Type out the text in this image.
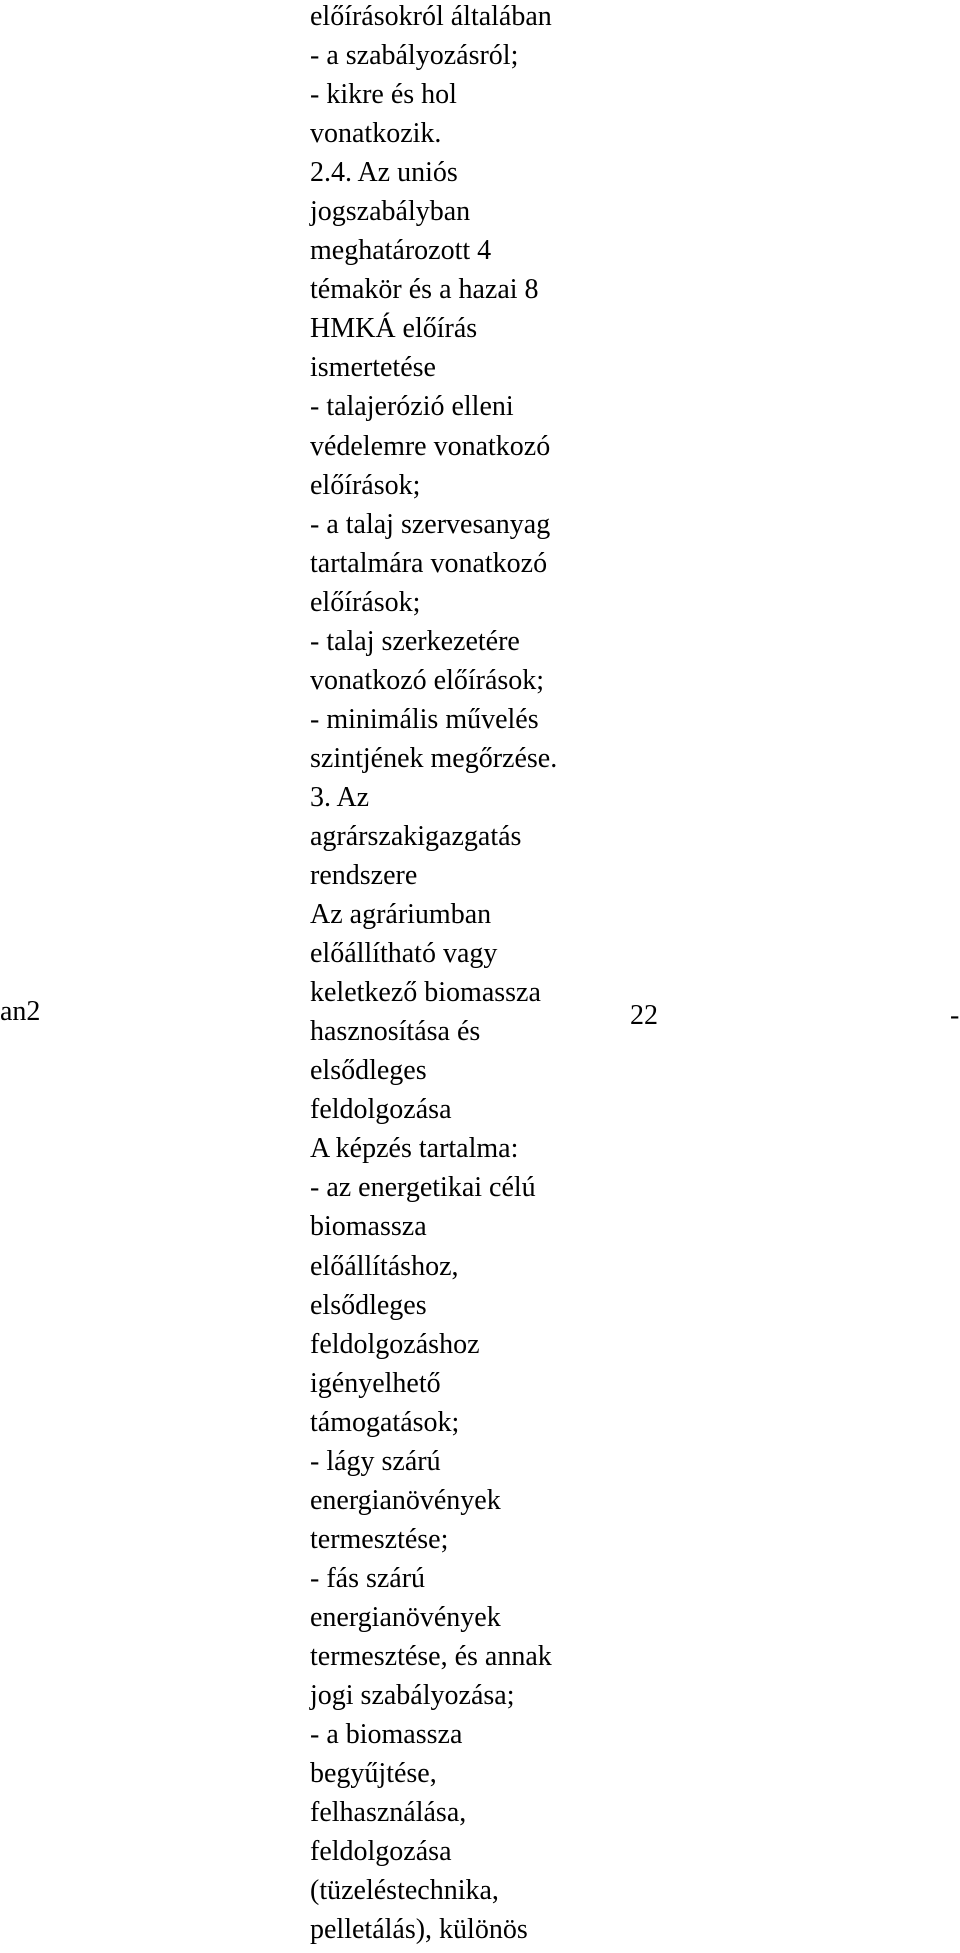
an2
előírásokról általában
- a szabályozásról;
- kikre és hol
vonatkozik.
2.4. Az uniós
jogszabályban
meghatározott 4
témakör és a hazai 8
HMKÁ előírás
ismertetése
- talajerózió elleni
védelemre vonatkozó
előírások;
- a talaj szervesanyag
tartalmára vonatkozó
előírások;
- talaj szerkezetére
vonatkozó előírások;
- minimális művelés
szintjének megőrzése.
3. Az
agrárszakigazgatás
rendszere
Az agráriumban
előállítható vagy
keletkező biomassza
hasznosítása és
elsődleges
feldolgozása
A képzés tartalma:
- az energetikai célú
biomassza
előállításhoz,
elsődleges
feldolgozáshoz
igényelhető
támogatások;
- lágy szárú
energianövények
termesztése;
- fás szárú
energianövények
termesztése, és annak
jogi szabályozása;
- a biomassza
begyűjtése,
felhasználása,
feldolgozása
(tüzeléstechnika,
pelletálás), különös
22	-
